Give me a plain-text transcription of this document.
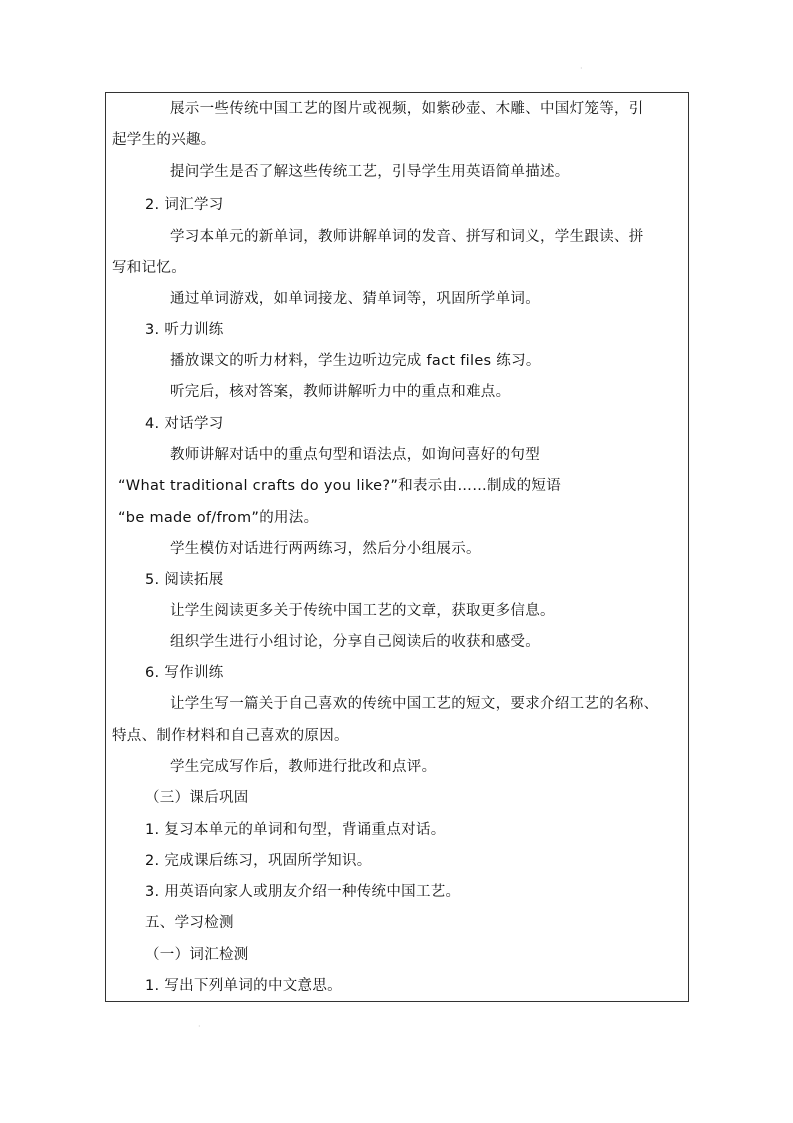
·
展示一些传统中国工艺的图片或视频，如紫砂壶、木雕、中国灯笼等，引
起学生的兴趣。
提问学生是否了解这些传统工艺，引导学生用英语简单描述。
2. 词汇学习
学习本单元的新单词，教师讲解单词的发音、拼写和词义，学生跟读、拼
写和记忆。
通过单词游戏，如单词接龙、猜单词等，巩固所学单词。
3. 听力训练
播放课文的听力材料，学生边听边完成 fact files 练习。
听完后，核对答案，教师讲解听力中的重点和难点。
4. 对话学习
教师讲解对话中的重点句型和语法点，如询问喜好的句型
“What traditional crafts do you like?”和表示由……制成的短语
“be made of/from”的用法。
学生模仿对话进行两两练习，然后分小组展示。
5. 阅读拓展
让学生阅读更多关于传统中国工艺的文章，获取更多信息。
组织学生进行小组讨论，分享自己阅读后的收获和感受。
6. 写作训练
让学生写一篇关于自己喜欢的传统中国工艺的短文，要求介绍工艺的名称、
特点、制作材料和自己喜欢的原因。
学生完成写作后，教师进行批改和点评。
（三）课后巩固
1. 复习本单元的单词和句型，背诵重点对话。
2. 完成课后练习，巩固所学知识。
3. 用英语向家人或朋友介绍一种传统中国工艺。
五、学习检测
（一）词汇检测
1. 写出下列单词的中文意思。
·
